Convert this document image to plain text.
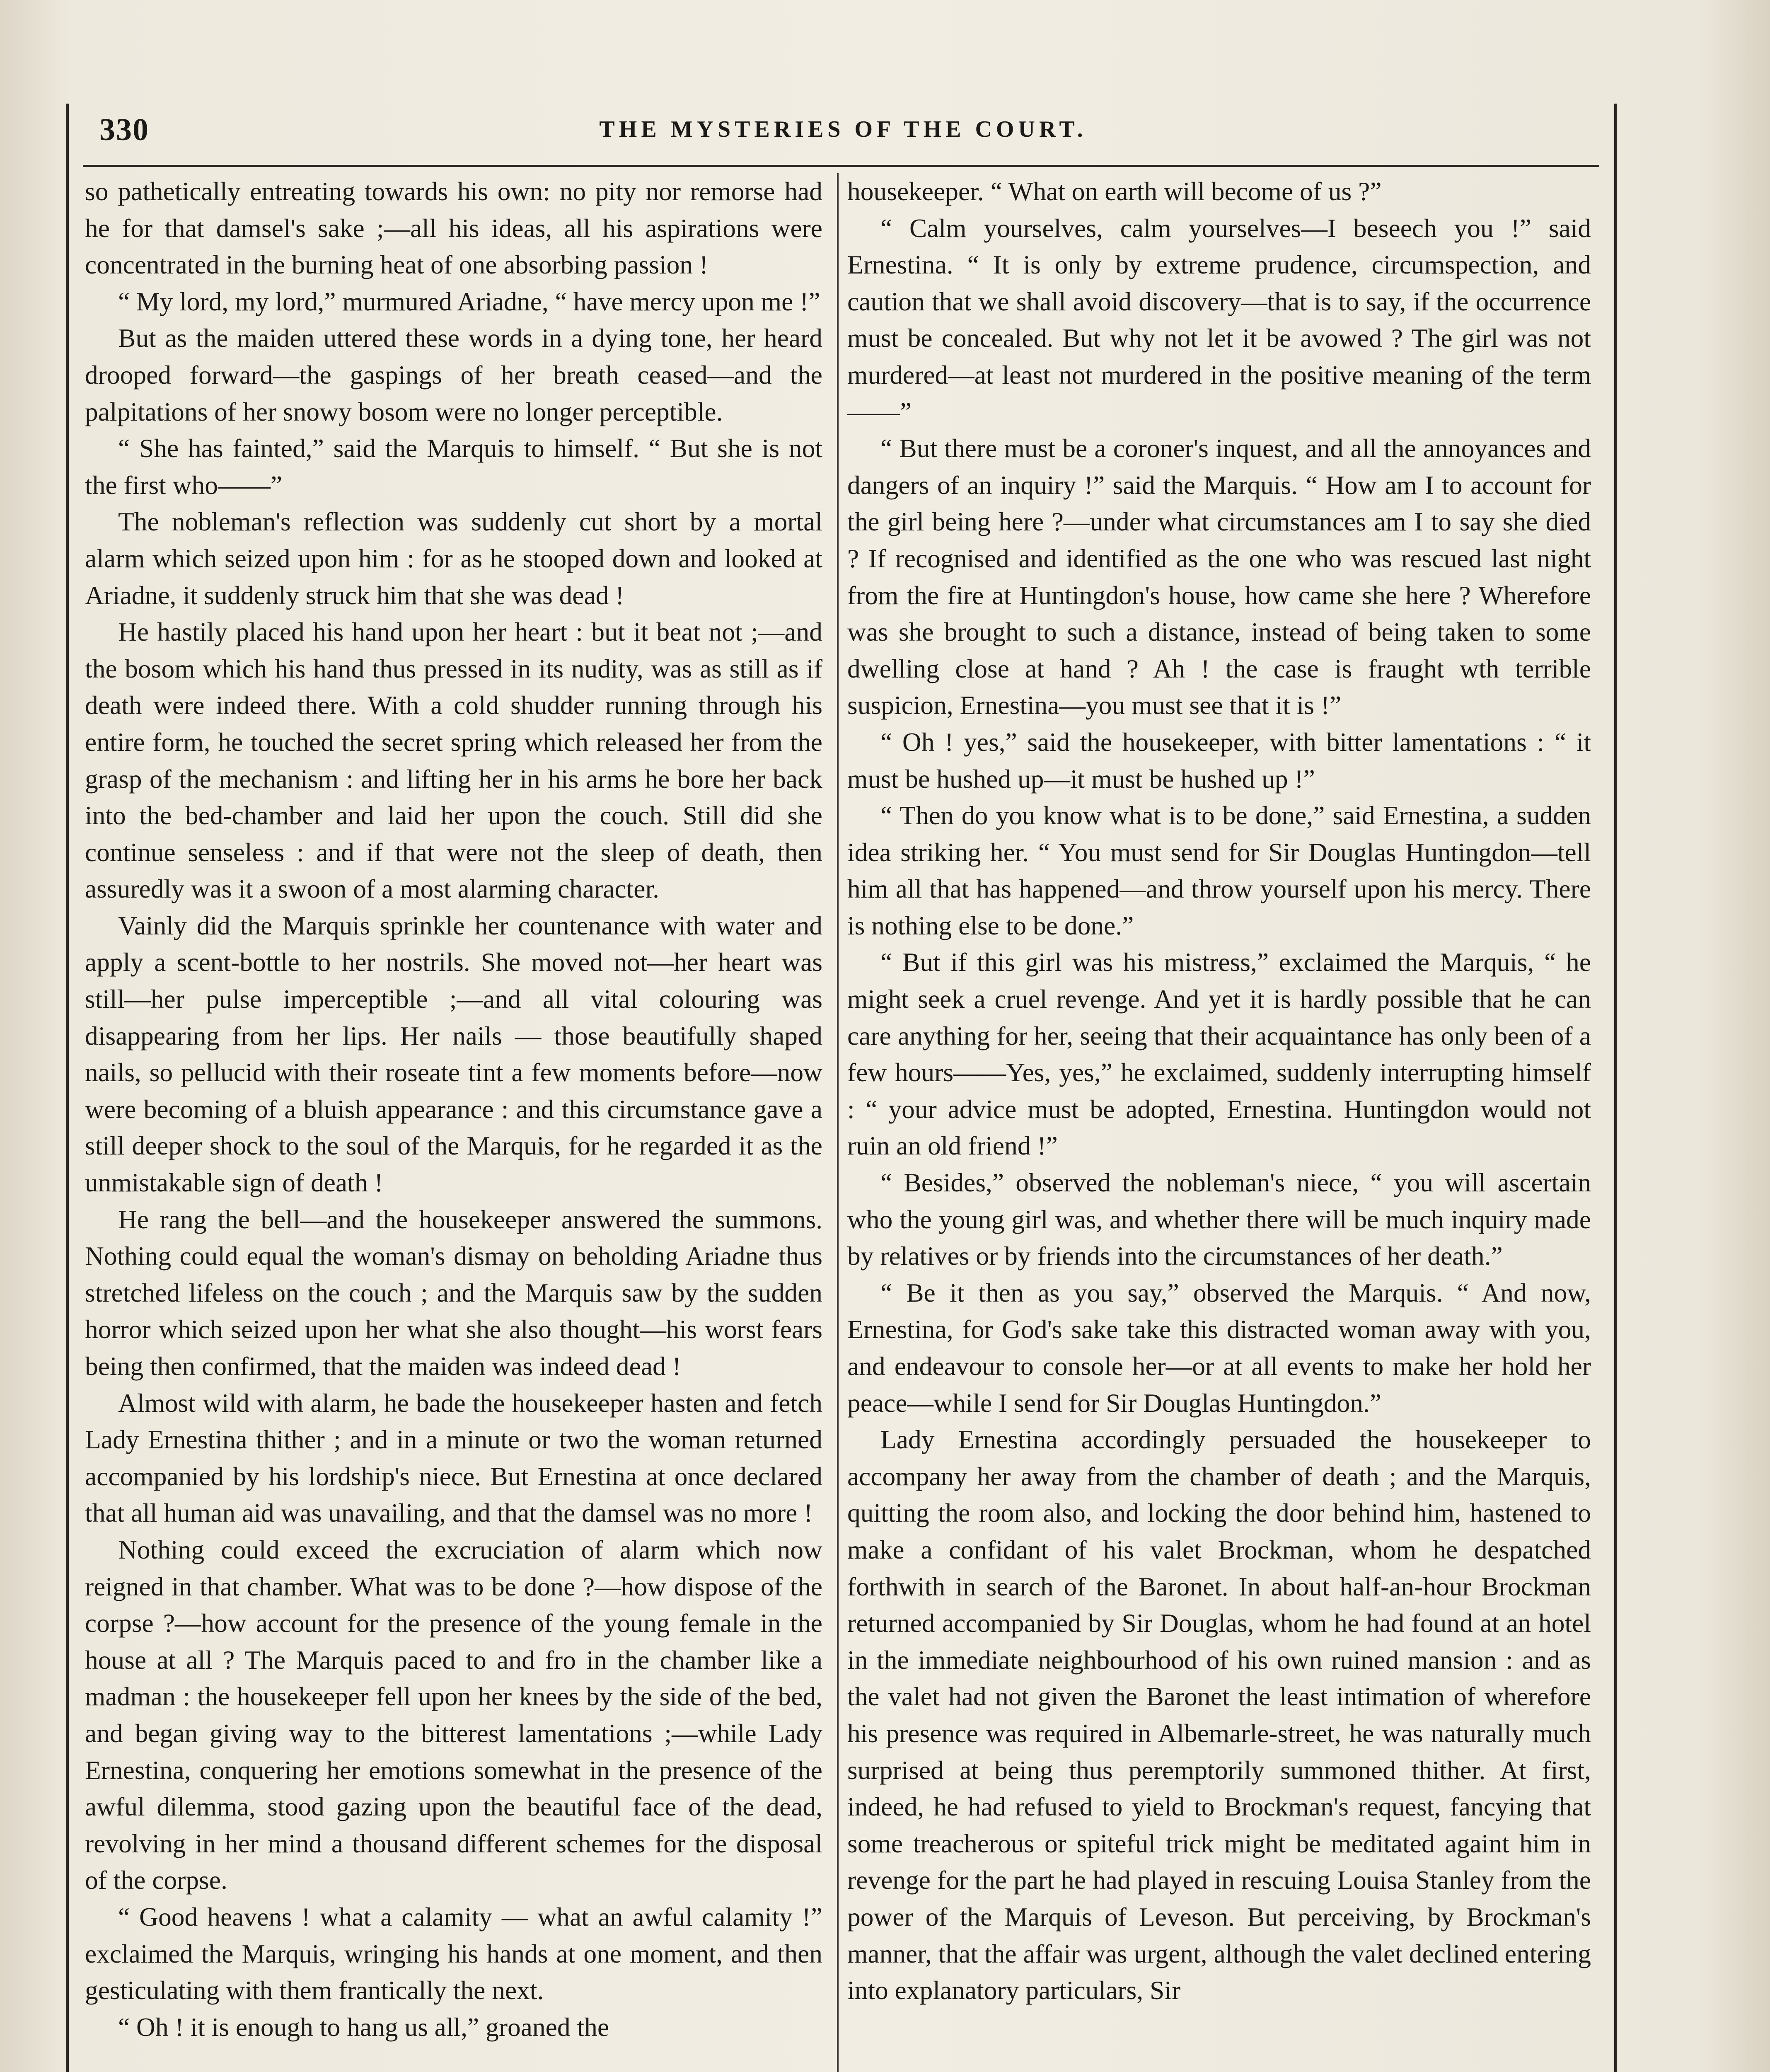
330	THE MYSTERIES OF THE COURT.

so pathetically entreating towards his own: no pity nor remorse had he for that damsel's sake ;—all his ideas, all his aspirations were concentrated in the burning heat of one absorbing passion !

“ My lord, my lord,” murmured Ariadne, “ have mercy upon me !”

But as the maiden uttered these words in a dying tone, her heard drooped forward—the gaspings of her breath ceased—and the palpitations of her snowy bosom were no longer perceptible.

“ She has fainted,” said the Marquis to himself. “ But she is not the first who——”

The nobleman's reflection was suddenly cut short by a mortal alarm which seized upon him : for as he stooped down and looked at Ariadne, it suddenly struck him that she was dead !

He hastily placed his hand upon her heart : but it beat not ;—and the bosom which his hand thus pressed in its nudity, was as still as if death were indeed there. With a cold shudder running through his entire form, he touched the secret spring which released her from the grasp of the mechanism : and lifting her in his arms he bore her back into the bed-chamber and laid her upon the couch. Still did she continue senseless : and if that were not the sleep of death, then assuredly was it a swoon of a most alarming character.

Vainly did the Marquis sprinkle her countenance with water and apply a scent-bottle to her nostrils. She moved not—her heart was still—her pulse imperceptible ;—and all vital colouring was disappearing from her lips. Her nails — those beautifully shaped nails, so pellucid with their roseate tint a few moments before—now were becoming of a bluish appearance : and this circumstance gave a still deeper shock to the soul of the Marquis, for he regarded it as the unmistakable sign of death !

He rang the bell—and the housekeeper answered the summons. Nothing could equal the woman's dismay on beholding Ariadne thus stretched lifeless on the couch ; and the Marquis saw by the sudden horror which seized upon her what she also thought—his worst fears being then confirmed, that the maiden was indeed dead !

Almost wild with alarm, he bade the housekeeper hasten and fetch Lady Ernestina thither ; and in a minute or two the woman returned accompanied by his lordship's niece. But Ernestina at once declared that all human aid was unavailing, and that the damsel was no more !

Nothing could exceed the excruciation of alarm which now reigned in that chamber. What was to be done ?—how dispose of the corpse ?—how account for the presence of the young female in the house at all ? The Marquis paced to and fro in the chamber like a madman : the housekeeper fell upon her knees by the side of the bed, and began giving way to the bitterest lamentations ;—while Lady Ernestina, conquering her emotions somewhat in the presence of the awful dilemma, stood gazing upon the beautiful face of the dead, revolving in her mind a thousand different schemes for the disposal of the corpse.

“ Good heavens ! what a calamity — what an awful calamity !” exclaimed the Marquis, wringing his hands at one moment, and then gesticulating with them frantically the next.

“ Oh ! it is enough to hang us all,” groaned the

housekeeper. “ What on earth will become of us ?”

“ Calm yourselves, calm yourselves—I beseech you !” said Ernestina. “ It is only by extreme prudence, circumspection, and caution that we shall avoid discovery—that is to say, if the occurrence must be concealed. But why not let it be avowed ? The girl was not murdered—at least not murdered in the positive meaning of the term——”

“ But there must be a coroner's inquest, and all the annoyances and dangers of an inquiry !” said the Marquis. “ How am I to account for the girl being here ?—under what circumstances am I to say she died ? If recognised and identified as the one who was rescued last night from the fire at Huntingdon's house, how came she here ? Wherefore was she brought to such a distance, instead of being taken to some dwelling close at hand ? Ah ! the case is fraught wth terrible suspicion, Ernestina—you must see that it is !”

“ Oh ! yes,” said the housekeeper, with bitter lamentations : “ it must be hushed up—it must be hushed up !”

“ Then do you know what is to be done,” said Ernestina, a sudden idea striking her. “ You must send for Sir Douglas Huntingdon—tell him all that has happened—and throw yourself upon his mercy. There is nothing else to be done.”

“ But if this girl was his mistress,” exclaimed the Marquis, “ he might seek a cruel revenge. And yet it is hardly possible that he can care anything for her, seeing that their acquaintance has only been of a few hours——Yes, yes,” he exclaimed, suddenly interrupting himself : “ your advice must be adopted, Ernestina. Huntingdon would not ruin an old friend !”

“ Besides,” observed the nobleman's niece, “ you will ascertain who the young girl was, and whether there will be much inquiry made by relatives or by friends into the circumstances of her death.”

“ Be it then as you say,” observed the Marquis. “ And now, Ernestina, for God's sake take this distracted woman away with you, and endeavour to console her—or at all events to make her hold her peace—while I send for Sir Douglas Huntingdon.”

Lady Ernestina accordingly persuaded the housekeeper to accompany her away from the chamber of death ; and the Marquis, quitting the room also, and locking the door behind him, hastened to make a confidant of his valet Brockman, whom he despatched forthwith in search of the Baronet. In about half-an-hour Brockman returned accompanied by Sir Douglas, whom he had found at an hotel in the immediate neighbourhood of his own ruined mansion : and as the valet had not given the Baronet the least intimation of wherefore his presence was required in Albemarle-street, he was naturally much surprised at being thus peremptorily summoned thither. At first, indeed, he had refused to yield to Brockman's request, fancying that some treacherous or spiteful trick might be meditated againt him in revenge for the part he had played in rescuing Louisa Stanley from the power of the Marquis of Leveson. But perceiving, by Brockman's manner, that the affair was urgent, although the valet declined entering into explanatory particulars, Sir
